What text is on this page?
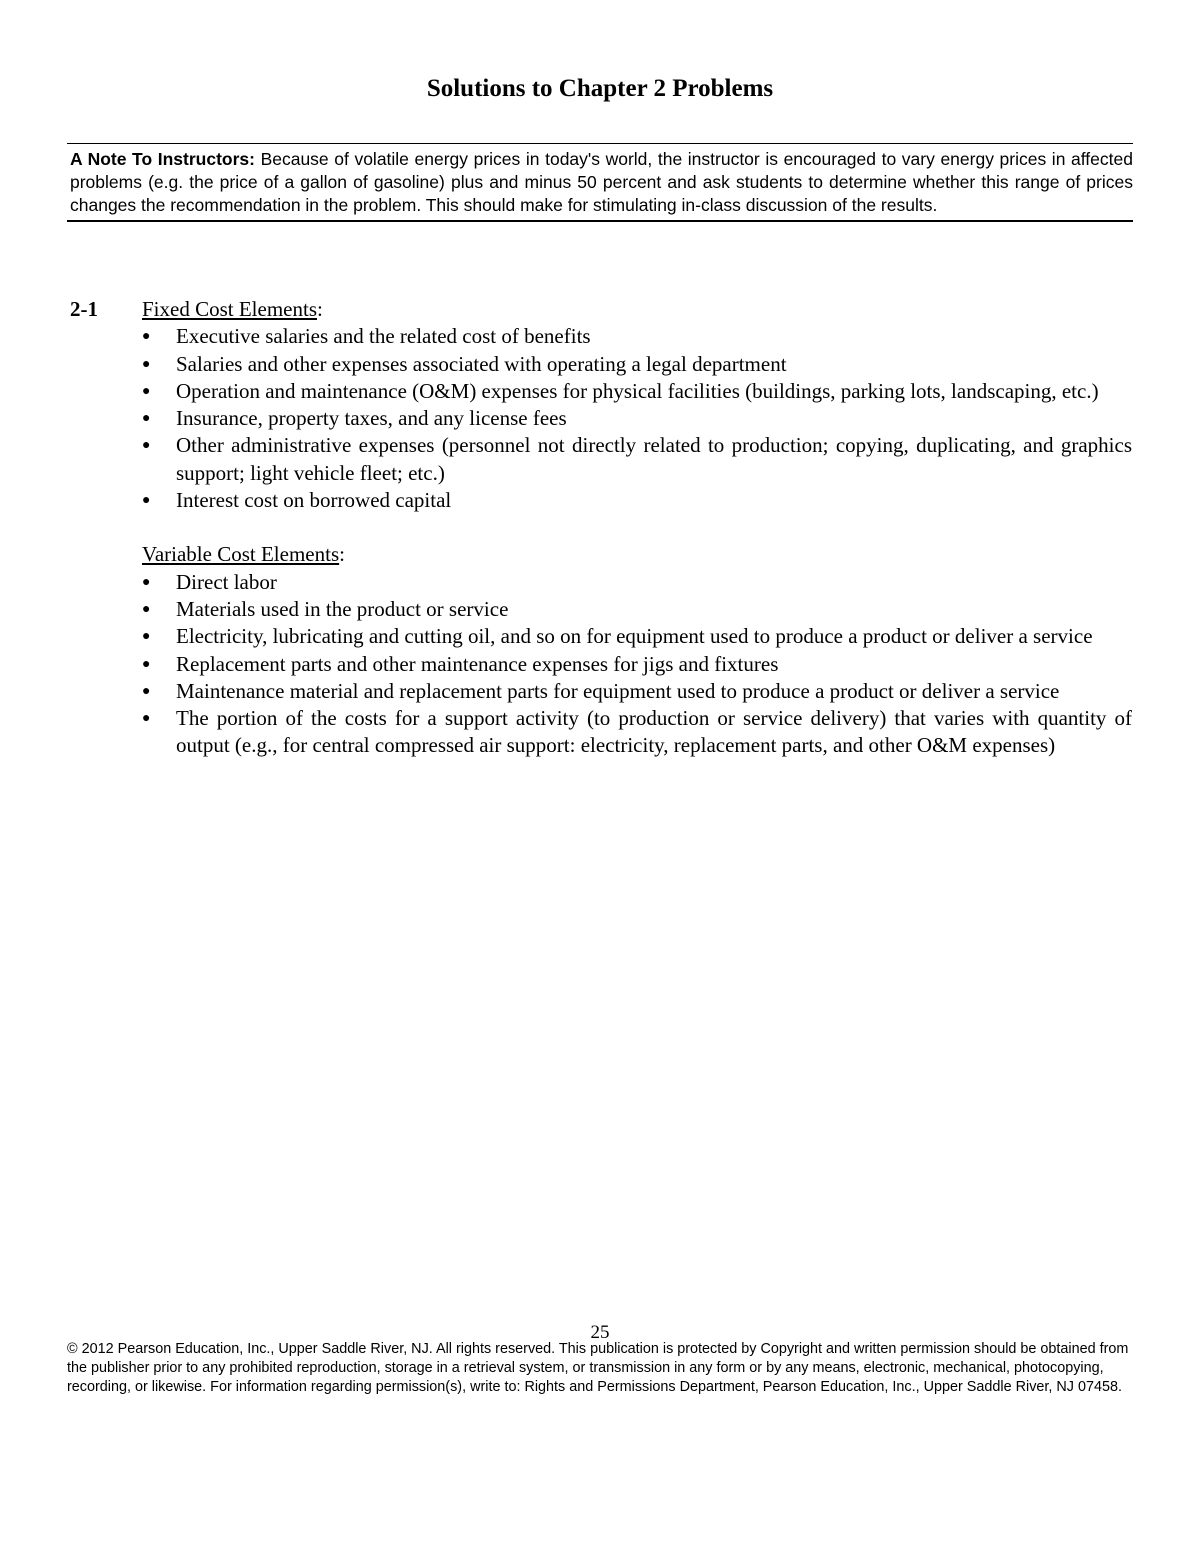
Solutions to Chapter 2 Problems
A Note To Instructors: Because of volatile energy prices in today's world, the instructor is encouraged to vary energy prices in affected problems (e.g. the price of a gallon of gasoline) plus and minus 50 percent and ask students to determine whether this range of prices changes the recommendation in the problem. This should make for stimulating in-class discussion of the results.
2-1 Fixed Cost Elements:
●	Executive salaries and the related cost of benefits
●	Salaries and other expenses associated with operating a legal department
●	Operation and maintenance (O&M) expenses for physical facilities (buildings, parking lots, landscaping, etc.)
●	Insurance, property taxes, and any license fees
●	Other administrative expenses (personnel not directly related to production; copying, duplicating, and graphics support; light vehicle fleet; etc.)
●	Interest cost on borrowed capital
Variable Cost Elements:
●	Direct labor
●	Materials used in the product or service
●	Electricity, lubricating and cutting oil, and so on for equipment used to produce a product or deliver a service
●	Replacement parts and other maintenance expenses for jigs and fixtures
●	Maintenance material and replacement parts for equipment used to produce a product or deliver a service
●	The portion of the costs for a support activity (to production or service delivery) that varies with quantity of output (e.g., for central compressed air support: electricity, replacement parts, and other O&M expenses)
25
© 2012 Pearson Education, Inc., Upper Saddle River, NJ. All rights reserved. This publication is protected by Copyright and written permission should be obtained from the publisher prior to any prohibited reproduction, storage in a retrieval system, or transmission in any form or by any means, electronic, mechanical, photocopying, recording, or likewise. For information regarding permission(s), write to: Rights and Permissions Department, Pearson Education, Inc., Upper Saddle River, NJ 07458.
